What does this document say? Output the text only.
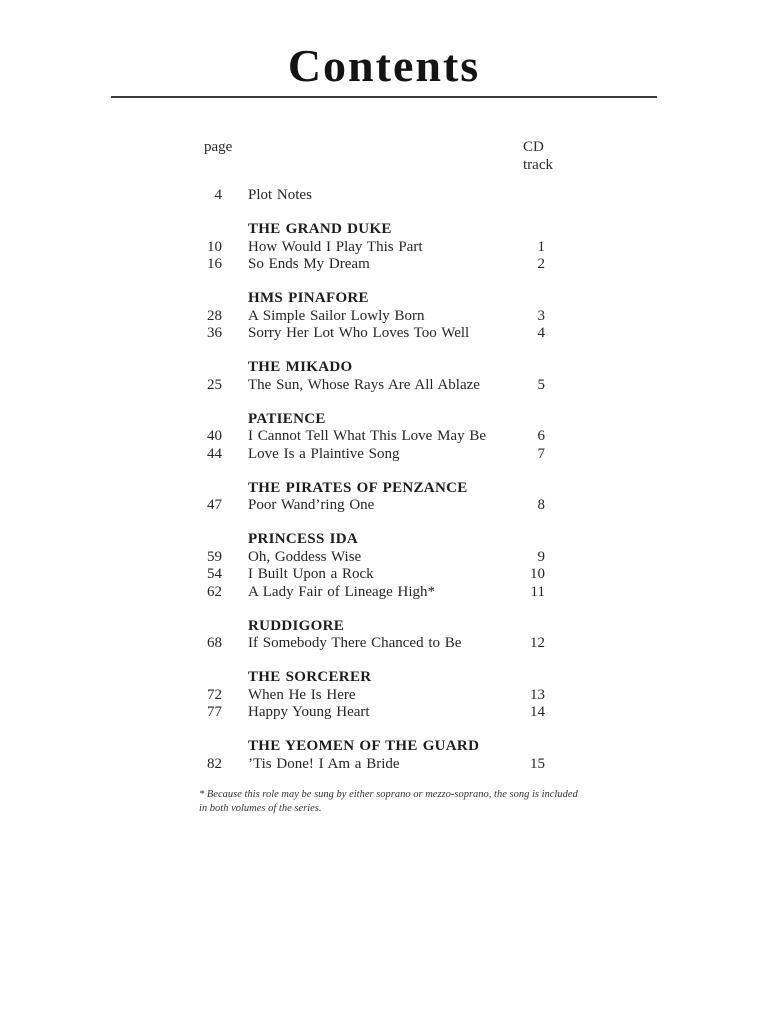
Contents
page	CD
track
4	Plot Notes
THE GRAND DUKE
10	How Would I Play This Part	1
16	So Ends My Dream	2
HMS PINAFORE
28	A Simple Sailor Lowly Born	3
36	Sorry Her Lot Who Loves Too Well	4
THE MIKADO
25	The Sun, Whose Rays Are All Ablaze	5
PATIENCE
40	I Cannot Tell What This Love May Be	6
44	Love Is a Plaintive Song	7
THE PIRATES OF PENZANCE
47	Poor Wand’ring One	8
PRINCESS IDA
59	Oh, Goddess Wise	9
54	I Built Upon a Rock	10
62	A Lady Fair of Lineage High*	11
RUDDIGORE
68	If Somebody There Chanced to Be	12
THE SORCERER
72	When He Is Here	13
77	Happy Young Heart	14
THE YEOMEN OF THE GUARD
82	’Tis Done! I Am a Bride	15
* Because this role may be sung by either soprano or mezzo-soprano, the song is included in both volumes of the series.
